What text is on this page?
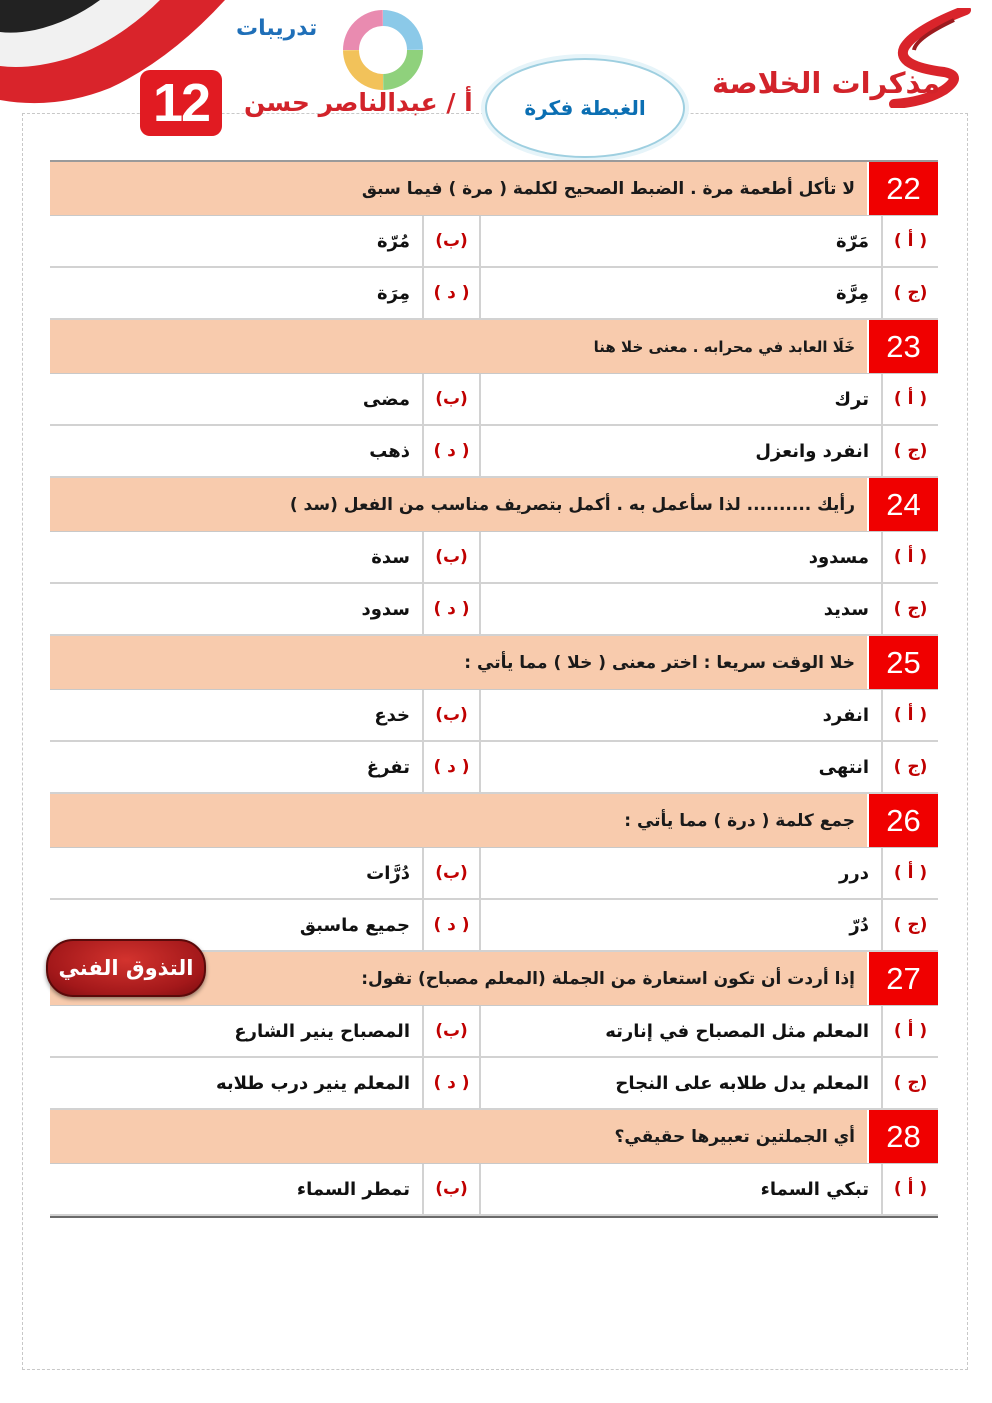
مذكرات الخلاصة
الغبطة فكرة
تدريبات
أ / عبدالناصر حسن
12
22
لا تأكل أطعمة مرة . الضبط الصحيح لكلمة ( مرة ) فيما سبق
( أ )
مَرّة
(ب)
مُرّة
(ج )
مِرَّة
( د )
مِرَة
23
خَلَا العابد في محرابه . معنى خلا هنا
( أ )
ترك
(ب)
مضى
(ج )
انفرد وانعزل
( د )
ذهب
24
رأيك .......... لذا سأعمل به . أكمل بتصريف مناسب من الفعل (سد )
( أ )
مسدود
(ب)
سدة
(ج )
سديد
( د )
سدود
25
خلا الوقت سريعا : اختر معنى ( خلا ) مما يأتي :
( أ )
انفرد
(ب)
خدع
(ج )
انتهى
( د )
تفرغ
26
جمع كلمة ( درة ) مما يأتي :
( أ )
درر
(ب)
دُرَّات
(ج )
دُرّ
( د )
جميع ماسبق
27
إذا أردت أن تكون استعارة من الجملة (المعلم مصباح) تقول:
( أ )
المعلم مثل المصباح في إنارته
(ب)
المصباح ينير الشارع
(ج )
المعلم يدل طلابه على النجاح
( د )
المعلم ينير درب طلابه
28
أي الجملتين تعبيرها حقيقي؟
( أ )
تبكي السماء
(ب)
تمطر السماء
التذوق الفني
